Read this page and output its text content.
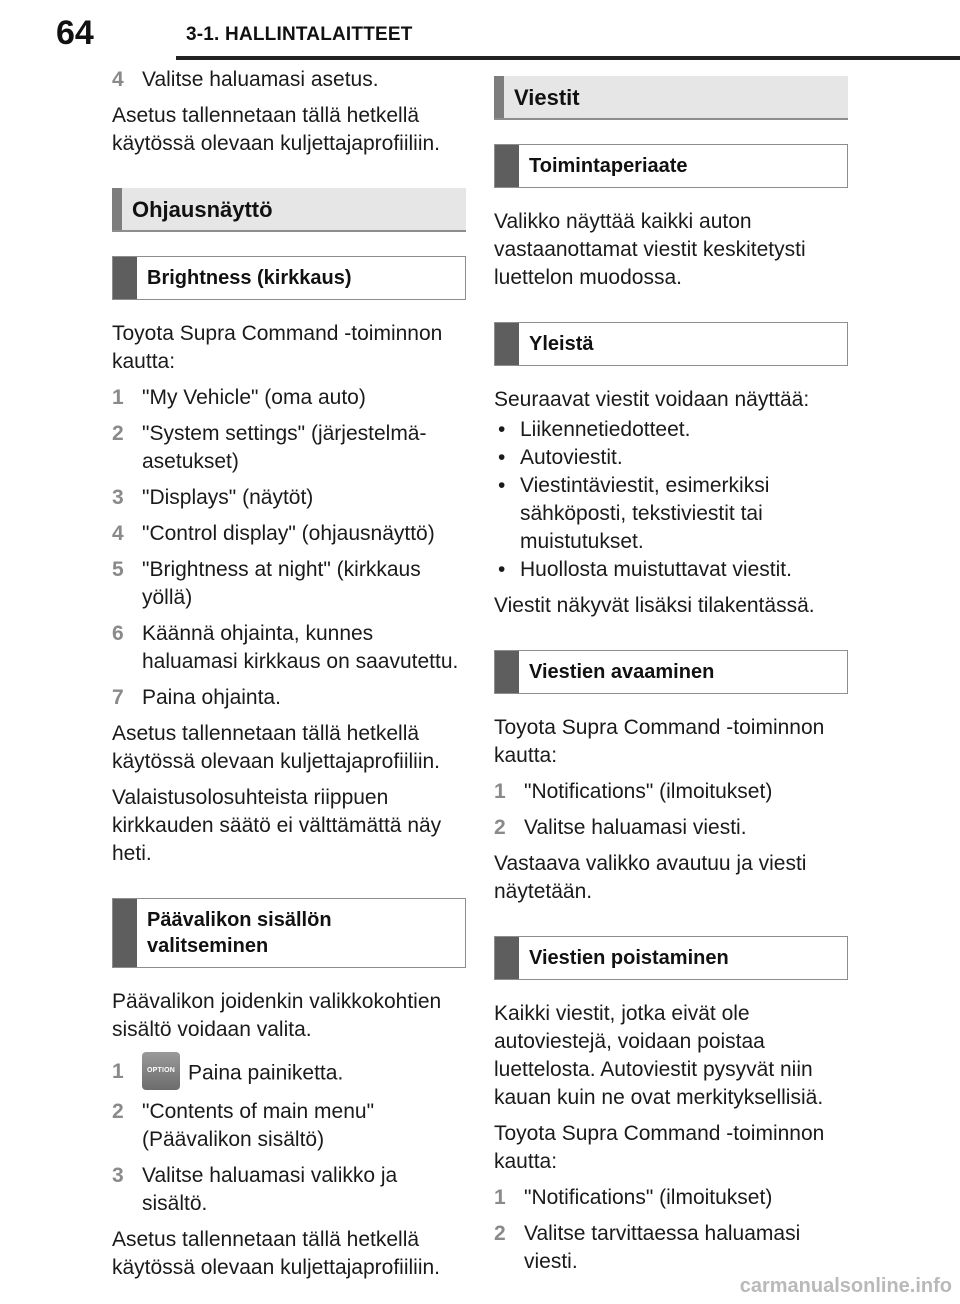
64	3-1. HALLINTALAITTEET
4 Valitse haluamasi asetus.

Asetus tallennetaan tällä hetkellä käytössä olevaan kuljettajaprofiiliin.

Ohjausnäyttö
Brightness (kirkkaus)

Toyota Supra Command -toiminnon kautta:

1 "My Vehicle" (oma auto)
2 "System settings" (järjestelmä-asetukset)
3 "Displays" (näytöt)
4 "Control display" (ohjausnäyttö)
5 "Brightness at night" (kirkkaus yöllä)
6 Käännä ohjainta, kunnes haluamasi kirkkaus on saavutettu.
7 Paina ohjainta.

Asetus tallennetaan tällä hetkellä käytössä olevaan kuljettajaprofiiliin.

Valaistusolosuhteista riippuen kirkkauden säätö ei välttämättä näy heti.

Päävalikon sisällön valitseminen

Päävalikon joidenkin valikkokohtien sisältö voidaan valita.

1	OPTION Paina painiketta.
2 "Contents of main menu" (Päävalikon sisältö)
3 Valitse haluamasi valikko ja sisältö.

Asetus tallennetaan tällä hetkellä käytössä olevaan kuljettajaprofiiliin.

Viestit
Toimintaperiaate

Valikko näyttää kaikki auton vastaanottamat viestit keskitetysti luettelon muodossa.

Yleistä

Seuraavat viestit voidaan näyttää:

• Liikennetiedotteet.
• Autoviestit.
• Viestintäviestit, esimerkiksi sähköposti, tekstiviestit tai muistutukset.
• Huollosta muistuttavat viestit.

Viestit näkyvät lisäksi tilakentässä.

Viestien avaaminen

Toyota Supra Command -toiminnon kautta:

1 "Notifications" (ilmoitukset)
2 Valitse haluamasi viesti.

Vastaava valikko avautuu ja viesti näytetään.

Viestien poistaminen

Kaikki viestit, jotka eivät ole autoviestejä, voidaan poistaa luettelosta. Autoviestit pysyvät niin kauan kuin ne ovat merkityksellisiä.

Toyota Supra Command -toiminnon kautta:

1 "Notifications" (ilmoitukset)
2 Valitse tarvittaessa haluamasi viesti.
carmanualsonline.info
